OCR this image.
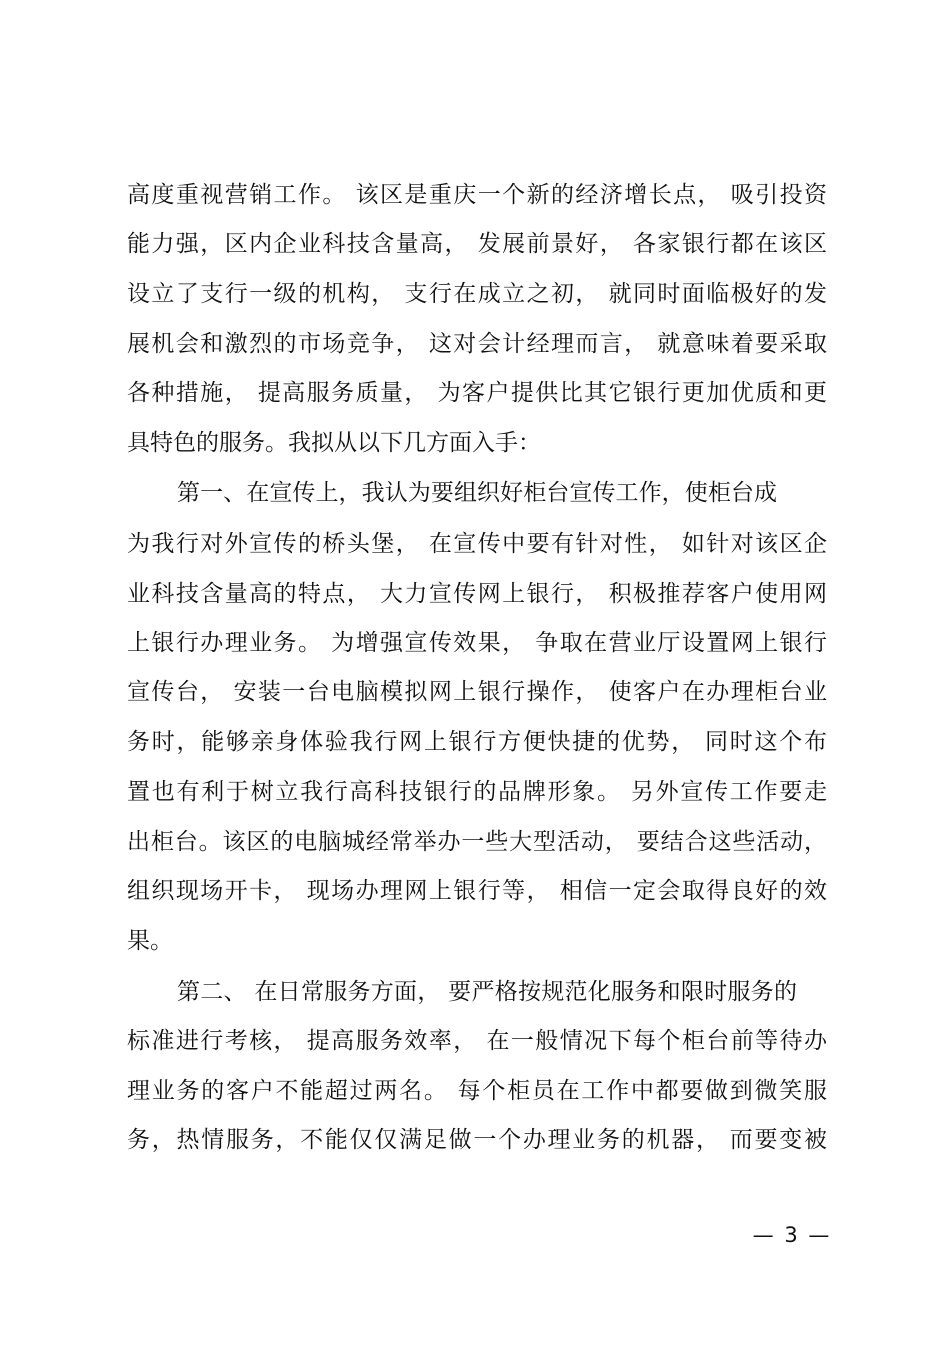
高度重视营销工作。 该区是重庆一个新的经济增长点， 吸引投资
能力强，区内企业科技含量高， 发展前景好， 各家银行都在该区
设立了支行一级的机构， 支行在成立之初， 就同时面临极好的发
展机会和激烈的市场竞争， 这对会计经理而言， 就意味着要采取
各种措施， 提高服务质量， 为客户提供比其它银行更加优质和更
具特色的服务。我拟从以下几方面入手：
第一、在宣传上，我认为要组织好柜台宣传工作，使柜台成
为我行对外宣传的桥头堡， 在宣传中要有针对性， 如针对该区企
业科技含量高的特点， 大力宣传网上银行， 积极推荐客户使用网
上银行办理业务。 为增强宣传效果， 争取在营业厅设置网上银行
宣传台， 安装一台电脑模拟网上银行操作， 使客户在办理柜台业
务时，能够亲身体验我行网上银行方便快捷的优势， 同时这个布
置也有利于树立我行高科技银行的品牌形象。 另外宣传工作要走
出柜台。该区的电脑城经常举办一些大型活动， 要结合这些活动，
组织现场开卡， 现场办理网上银行等， 相信一定会取得良好的效
果。
第二、 在日常服务方面， 要严格按规范化服务和限时服务的
标准进行考核， 提高服务效率， 在一般情况下每个柜台前等待办
理业务的客户不能超过两名。 每个柜员在工作中都要做到微笑服
务，热情服务，不能仅仅满足做一个办理业务的机器， 而要变被
— 3 —
